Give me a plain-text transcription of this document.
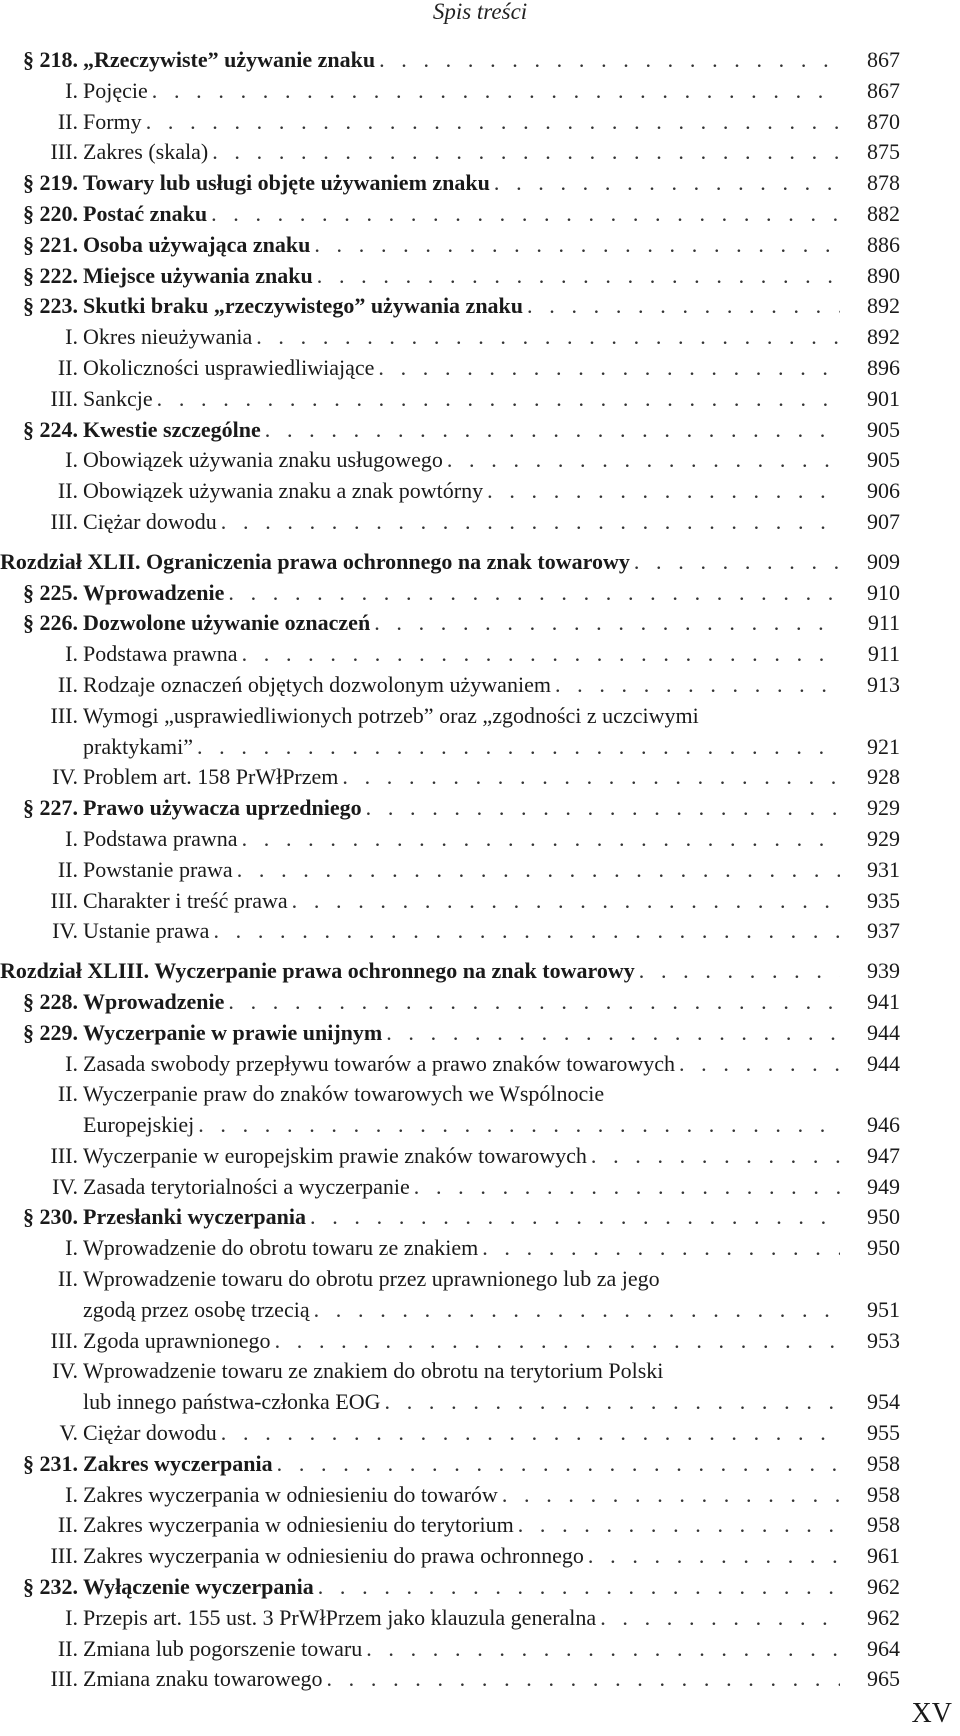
Spis treści
§ 218. „Rzeczywiste” używanie znaku . . .	867
I. Pojęcie . . .	867
II. Formy . . .	870
III. Zakres (skala) . . .	875
§ 219. Towary lub usługi objęte używaniem znaku . . .	878
§ 220. Postać znaku . . .	882
§ 221. Osoba używająca znaku . . .	886
§ 222. Miejsce używania znaku . . .	890
§ 223. Skutki braku „rzeczywistego” używania znaku . . .	892
I. Okres nieużywania . . .	892
II. Okoliczności usprawiedliwiające . . .	896
III. Sankcje . . .	901
§ 224. Kwestie szczególne . . .	905
I. Obowiązek używania znaku usługowego . . .	905
II. Obowiązek używania znaku a znak powtórny . . .	906
III. Ciężar dowodu . . .	907
Rozdział XLII. Ograniczenia prawa ochronnego na znak towarowy . . .	909
§ 225. Wprowadzenie . . .	910
§ 226. Dozwolone używanie oznaczeń . . .	911
I. Podstawa prawna . . .	911
II. Rodzaje oznaczeń objętych dozwolonym używaniem . . .	913
III. Wymogi „usprawiedliwionych potrzeb” oraz „zgodności z uczciwymi
praktykami” . . .	921
IV. Problem art. 158 PrWłPrzem . . .	928
§ 227. Prawo używacza uprzedniego . . .	929
I. Podstawa prawna . . .	929
II. Powstanie prawa . . .	931
III. Charakter i treść prawa . . .	935
IV. Ustanie prawa . . .	937
Rozdział XLIII. Wyczerpanie prawa ochronnego na znak towarowy . . .	939
§ 228. Wprowadzenie . . .	941
§ 229. Wyczerpanie w prawie unijnym . . .	944
I. Zasada swobody przepływu towarów a prawo znaków towarowych . . .	944
II. Wyczerpanie praw do znaków towarowych we Wspólnocie
Europejskiej . . .	946
III. Wyczerpanie w europejskim prawie znaków towarowych . . .	947
IV. Zasada terytorialności a wyczerpanie . . .	949
§ 230. Przesłanki wyczerpania . . .	950
I. Wprowadzenie do obrotu towaru ze znakiem . . .	950
II. Wprowadzenie towaru do obrotu przez uprawnionego lub za jego
zgodą przez osobę trzecią . . .	951
III. Zgoda uprawnionego . . .	953
IV. Wprowadzenie towaru ze znakiem do obrotu na terytorium Polski
lub innego państwa-członka EOG . . .	954
V. Ciężar dowodu . . .	955
§ 231. Zakres wyczerpania . . .	958
I. Zakres wyczerpania w odniesieniu do towarów . . .	958
II. Zakres wyczerpania w odniesieniu do terytorium . . .	958
III. Zakres wyczerpania w odniesieniu do prawa ochronnego . . .	961
§ 232. Wyłączenie wyczerpania . . .	962
I. Przepis art. 155 ust. 3 PrWłPrzem jako klauzula generalna . . .	962
II. Zmiana lub pogorszenie towaru . . .	964
III. Zmiana znaku towarowego . . .	965
XV
